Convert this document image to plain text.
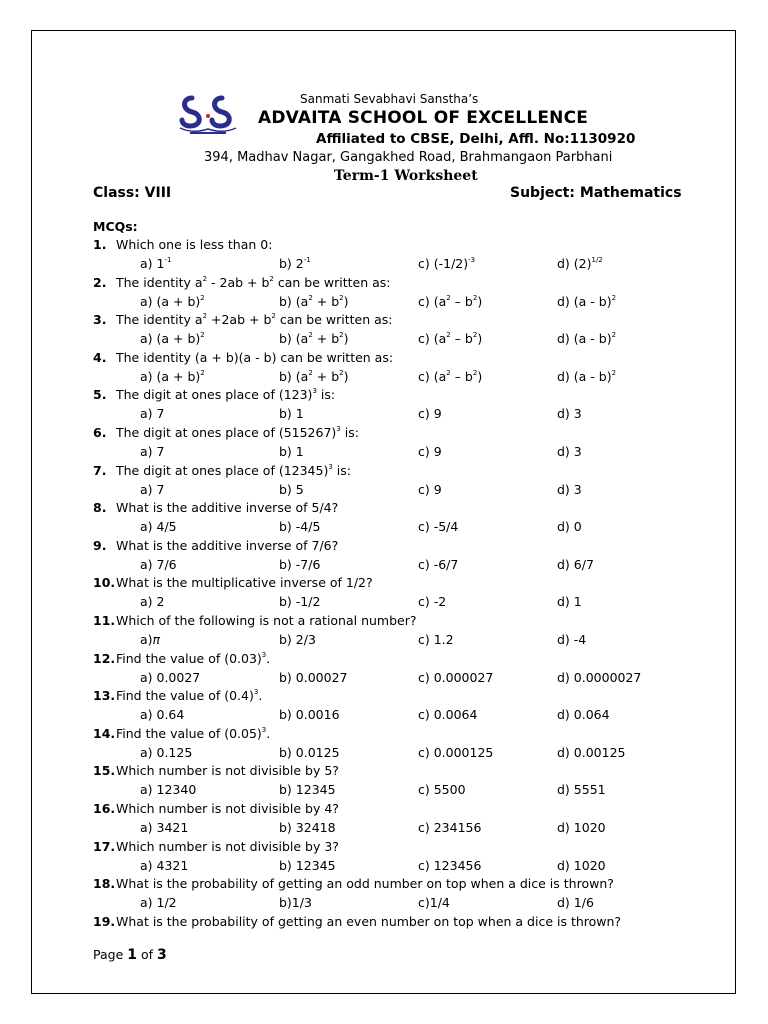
Sanmati Sevabhavi Sanstha’s
ADVAITA SCHOOL OF EXCELLENCE
Affiliated to CBSE, Delhi, Affl. No:1130920
394, Madhav Nagar, Gangakhed Road, Brahmangaon Parbhani
Term-1 Worksheet
Class: VIII	Subject: Mathematics
MCQs:
1. Which one is less than 0:
a) $1^{-1}$	b) $2^{-1}$	c) $(-1/2)^{-3}$	d) $(2)^{1/2}$
2. The identity $a^2 - 2ab + b^2$ can be written as:
a) $(a + b)^2$	b) $(a^2 + b^2)$	c) $(a^2 - b^2)$	d) (a - b)$^2$
3. The identity $a^2 +2ab + b^2$ can be written as:
a) $(a + b)^2$	b) $(a^2 + b^2)$	c) $(a^2 - b^2)$	d) (a - b)$^2$
4. The identity (a + b)(a - b) can be written as:
a) $(a + b)^2$	b) $(a^2 + b^2)$	c) $(a^2 - b^2)$	d) (a - b)$^2$
5. The digit at ones place of $(123)^3$ is:
a) 7	b) 1	c) 9	d) 3
6. The digit at ones place of $(515267)^3$ is:
a) 7	b) 1	c) 9	d) 3
7. The digit at ones place of $(12345)^3$ is:
a) 7	b) 5	c) 9	d) 3
8. What is the additive inverse of 5/4?
a) 4/5	b) -4/5	c) -5/4	d) 0
9. What is the additive inverse of 7/6?
a) 7/6	b) -7/6	c) -6/7	d) 6/7
10.What is the multiplicative inverse of 1/2?
a) 2	b) -1/2	c) -2	d) 1
11.Which of the following is not a rational number?
a)π	b) 2/3	c) 1.2	d) -4
12.Find the value of $(0.03)^3$.
a) 0.0027	b) 0.00027	c) 0.000027	d) 0.0000027
13.Find the value of $(0.4)^3$.
a) 0.64	b) 0.0016	c) 0.0064	d) 0.064
14.Find the value of $(0.05)^3$.
a) 0.125	b) 0.0125	c) 0.000125	d) 0.00125
15.Which number is not divisible by 5?
a) 12340	b) 12345	c) 5500	d) 5551
16.Which number is not divisible by 4?
a) 3421	b) 32418	c) 234156	d) 1020
17.Which number is not divisible by 3?
a) 4321	b) 12345	c) 123456	d) 1020
18.What is the probability of getting an odd number on top when a dice is thrown?
a) 1/2	b)1/3	c)1/4	d) 1/6
19.What is the probability of getting an even number on top when a dice is thrown?
Page 1 of 3
